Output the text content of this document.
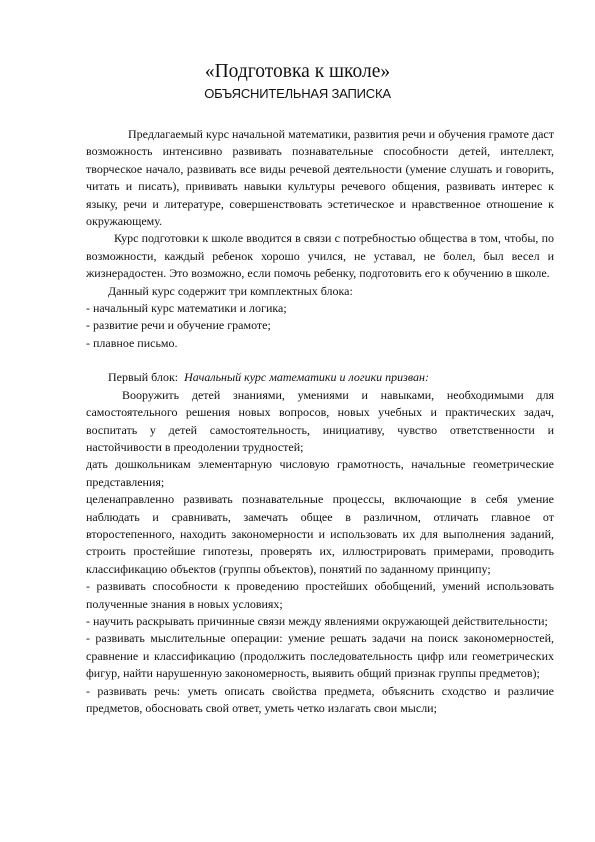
«Подготовка к школе»
ОБЪЯСНИТЕЛЬНАЯ ЗАПИСКА

Предлагаемый курс начальной математики, развития речи и обучения грамоте даст возможность интенсивно развивать познавательные способности детей, интеллект, творческое начало, развивать все виды речевой деятельности (умение слушать и говорить, читать и писать), прививать навыки культуры речевого общения, развивать интерес к языку, речи и литературе, совершенствовать эстетическое и нравственное отношение к окружающему.

Курс подготовки к школе вводится в связи с потребностью общества в том, чтобы, по возможности, каждый ребенок хорошо учился, не уставал, не болел, был весел и жизнерадостен. Это возможно, если помочь ребенку, подготовить его к обучению в школе.

Данный курс содержит три комплектных блока:

- начальный курс математики и логика;

- развитие речи и обучение грамоте;

- плавное письмо.

Первый блок: Начальный курс математики и логики призван:

Вооружить детей знаниями, умениями и навыками, необходимыми для самостоятельного решения новых вопросов, новых учебных и практических задач, воспитать у детей самостоятельность, инициативу, чувство ответственности и настойчивости в преодолении трудностей;

дать дошкольникам элементарную числовую грамотность, начальные геометрические представления;

целенаправленно развивать познавательные процессы, включающие в себя умение наблюдать и сравнивать, замечать общее в различном, отличать главное от второстепенного, находить закономерности и использовать их для выполнения заданий, строить простейшие гипотезы, проверять их, иллюстрировать примерами, проводить классификацию объектов (группы объектов), понятий по заданному принципу;

- развивать способности к проведению простейших обобщений, умений использовать полученные знания в новых условиях;

- научить раскрывать причинные связи между явлениями окружающей действительности;

- развивать мыслительные операции: умение решать задачи на поиск закономерностей, сравнение и классификацию (продолжить последовательность цифр или геометрических фигур, найти нарушенную закономерность, выявить общий признак группы предметов);

- развивать речь: уметь описать свойства предмета, объяснить сходство и различие предметов, обосновать свой ответ, уметь четко излагать свои мысли;
